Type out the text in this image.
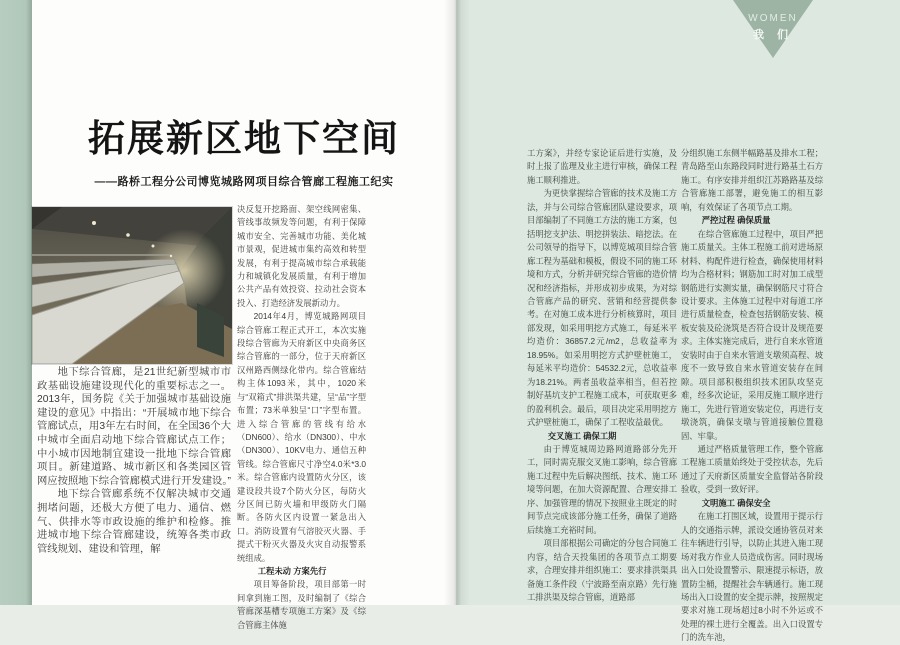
拓展新区地下空间
——路桥工程分公司博览城路网项目综合管廊工程施工纪实

地下综合管廊，是21世纪新型城市市政基础设施建设现代化的重要标志之一。2013年，国务院《关于加强城市基础设施建设的意见》中指出：“开展城市地下综合管廊试点，用3年左右时间，在全国36个大中城市全面启动地下综合管廊试点工作；中小城市因地制宜建设一批地下综合管廊项目。新建道路、城市新区和各类园区管网应按照地下综合管廊模式进行开发建设。”

地下综合管廊系统不仅解决城市交通拥堵问题，还极大方便了电力、通信、燃气、供排水等市政设施的维护和检修。推进城市地下综合管廊建设，统筹各类市政管线规划、建设和管理，解

决反复开挖路面、架空线网密集、管线事故频发等问题，有利于保障城市安全、完善城市功能、美化城市景观，促进城市集约高效和转型发展，有利于提高城市综合承载能力和城镇化发展质量，有利于增加公共产品有效投资、拉动社会资本投入、打造经济发展新动力。

2014年4月，博览城路网项目综合管廊工程正式开工，本次实施段综合管廊为天府新区中央商务区综合管廊的一部分，位于天府新区汉州路西侧绿化带内。综合管廊结构主体1093米，其中，1020米与“双箱式”排洪渠共建，呈“品”字型布置；73米单独呈“口”字型布置。进入综合管廊的管线有给水（DN600）、给水（DN300）、中水（DN300）、10KV电力、通信五种管线。综合管廊尺寸净空4.0米*3.0米。综合管廊内设置防火分区，该建设段共设7个防火分区，每防火分区间已防火墙和甲级防火门隔断。各防火区内设置一紧急出入口。消防设置有气溶胶灭火器、手提式干粉灭火器及火灾自动报警系统组成。

工程未动 方案先行

项目筹备阶段，项目部第一时间拿到施工图，及时编制了《综合管廊深基槽专项施工方案》及《综合管廊主体施

WOMEN
我 们

工方案》，并经专家论证后进行实施，及时上报了监理及业主进行审核，确保工程施工顺利推进。

为更快掌握综合管廊的技术及施工方法，并与公司综合管廊团队建设要求，项目部编制了不同施工方法的施工方案，包括明挖支护法、明挖拼装法、暗挖法。在公司领导的指导下，以博览城项目综合管廊工程为基础和模板，假设不同的施工环境和方式，分析并研究综合管廊的造价情况和经济指标，并形成初步成果，为对综合管廊产品的研究、营销和经营提供参考。在对施工成本进行分析核算时，项目部发现，如采用明挖方式施工，每延米平均造价：36857.2元/m2，总收益率为18.95%。如采用明挖方式护壁桩施工，每延米平均造价：54532.2元，总收益率为18.21%。两者虽收益率相当，但若控制好基坑支护工程施工成本，可获取更多的盈利机会。最后，项目决定采用明挖方式护壁桩施工，确保了工程收益最优。

交叉施工 确保工期

由于博览城周边路网道路部分先开工，同时需克服交叉施工影响，综合管廊施工过程中先后解决图纸、技术、施工环境等问题，在加大资源配置、合理安排工序、加强管理的情况下按照业主既定的时间节点完成该部分施工任务，确保了道路后续施工充裕时间。

项目部根据公司确定的分包合同施工内容，结合天投集团的各项节点工期要求，合理安排并组织施工：要求排洪渠具备施工条件段（宁波路至南京路）先行施工排洪渠及综合管廊，道路部

分组织施工东侧半幅路基及排水工程；青岛路至山东路段同时进行路基土石方施工。有序安排并组织江苏路路基及综合管廊施工部署，避免施工的相互影响，有效保证了各项节点工期。

严控过程 确保质量

在综合管廊施工过程中，项目严把施工质量关。主体工程施工前对进场原材料、构配件进行检查，确保使用材料均为合格材料；钢筋加工时对加工成型钢筋进行实测实量，确保钢筋尺寸符合设计要求。主体施工过程中对每道工序进行质量检查，检查包括钢筋安装、模板安装及砼浇筑是否符合设计及规范要求。主体实施完成后，进行自来水管道安装时由于自来水管道支墩须高程、坡度不一致导致自来水管道安装存在间隙。项目部积极组织技术团队攻坚克难，经多次论证，采用反施工顺序进行施工，先进行管道安装定位，再进行支墩浇筑，确保支墩与管道接触位置稳固、牢靠。

通过严格质量管理工作，整个管廊工程施工质量始终处于受控状态，先后通过了天府新区质量安全监督站各阶段验收，受到一致好评。

文明施工 确保安全

在施工打围区域，设置用于提示行人的交通指示牌，派设交通协管员对来往车辆进行引导，以防止其进入施工现场对我方作业人员造成伤害。同时现场出入口处设置警示、限速提示标语，放置防尘桶，提醒社会车辆通行。施工现场出入口设置的安全提示牌，按照规定要求对施工现场超过8小时不外运或不处理的裸土进行全覆盖。出入口设置专门的洗车池，
